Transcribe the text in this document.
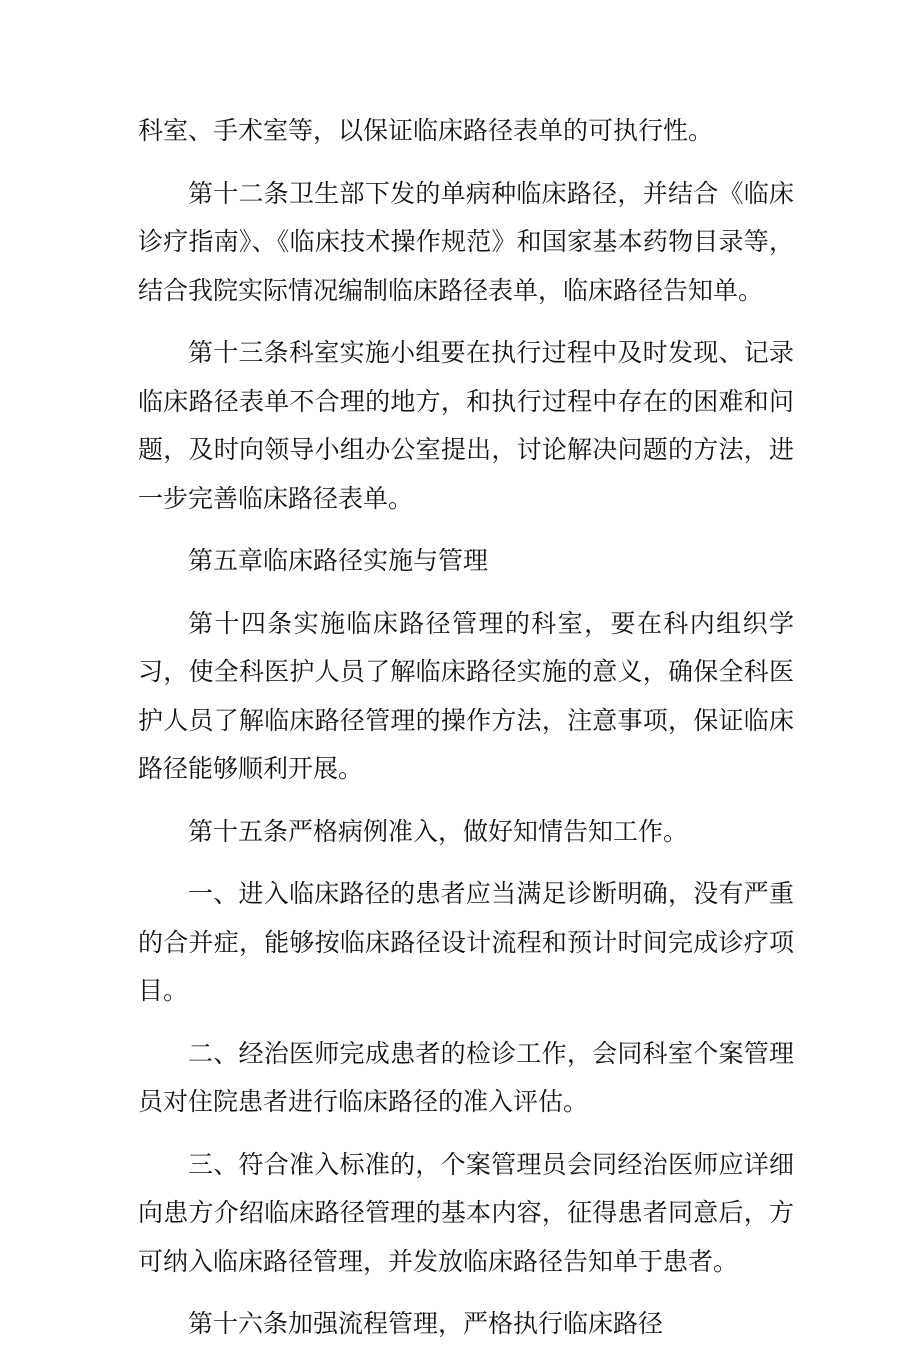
科室、手术室等，以保证临床路径表单的可执行性。

第十二条卫生部下发的单病种临床路径，并结合《临床诊疗指南》、《临床技术操作规范》和国家基本药物目录等，结合我院实际情况编制临床路径表单，临床路径告知单。

第十三条科室实施小组要在执行过程中及时发现、记录临床路径表单不合理的地方，和执行过程中存在的困难和问题，及时向领导小组办公室提出，讨论解决问题的方法，进一步完善临床路径表单。

第五章临床路径实施与管理

第十四条实施临床路径管理的科室，要在科内组织学习，使全科医护人员了解临床路径实施的意义，确保全科医护人员了解临床路径管理的操作方法，注意事项，保证临床路径能够顺利开展。

第十五条严格病例准入，做好知情告知工作。

一、进入临床路径的患者应当满足诊断明确，没有严重的合并症，能够按临床路径设计流程和预计时间完成诊疗项目。

二、经治医师完成患者的检诊工作，会同科室个案管理员对住院患者进行临床路径的准入评估。

三、符合准入标准的，个案管理员会同经治医师应详细向患方介绍临床路径管理的基本内容，征得患者同意后，方可纳入临床路径管理，并发放临床路径告知单于患者。

第十六条加强流程管理，严格执行临床路径
